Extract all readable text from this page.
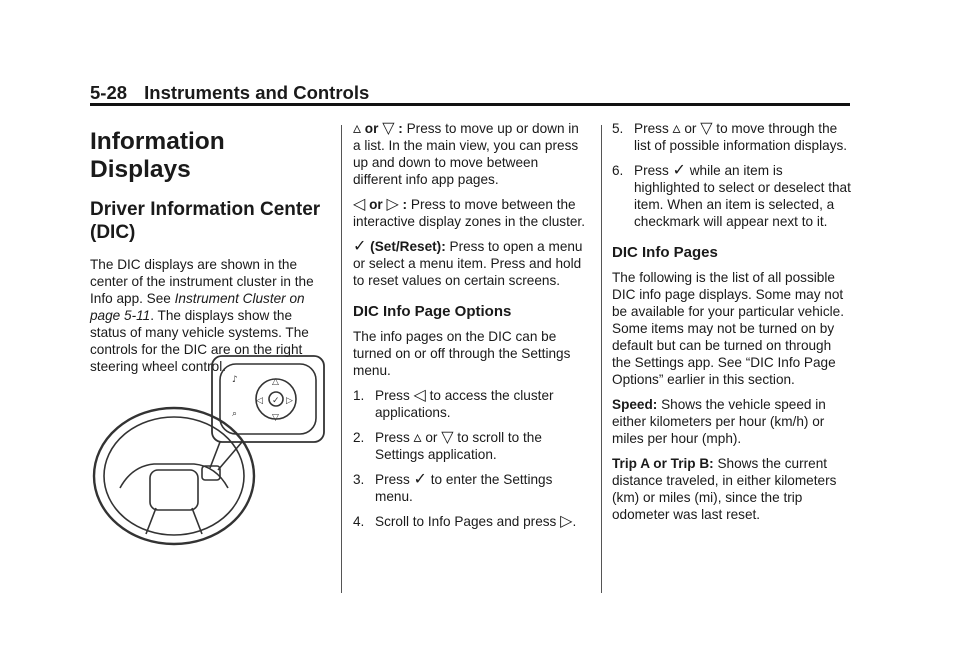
5-28 Instruments and Controls
Information Displays
Driver Information Center (DIC)

The DIC displays are shown in the center of the instrument cluster in the Info app. See Instrument Cluster on page 5-11. The displays show the status of many vehicle systems. The controls for the DIC are on the right steering wheel control.

△
◁	▷
▽
✓
♪
⌕

▵ or ▽ : Press to move up or down in a list. In the main view, you can press up and down to move between different info app pages.

◁ or ▷ : Press to move between the interactive display zones in the cluster.

✓ (Set/Reset): Press to open a menu or select a menu item. Press and hold to reset values on certain screens.

DIC Info Page Options

The info pages on the DIC can be turned on or off through the Settings menu.

1. Press ◁ to access the cluster applications.
2. Press ▵ or ▽ to scroll to the Settings application.
3. Press ✓ to enter the Settings menu.
4. Scroll to Info Pages and press ▷.
5. Press ▵ or ▽ to move through the list of possible information displays.
6. Press ✓ while an item is highlighted to select or deselect that item. When an item is selected, a checkmark will appear next to it.
DIC Info Pages

The following is the list of all possible DIC info page displays. Some may not be available for your particular vehicle. Some items may not be turned on by default but can be turned on through the Settings app. See “DIC Info Page Options” earlier in this section.

Speed: Shows the vehicle speed in either kilometers per hour (km/h) or miles per hour (mph).

Trip A or Trip B: Shows the current distance traveled, in either kilometers (km) or miles (mi), since the trip odometer was last reset.
